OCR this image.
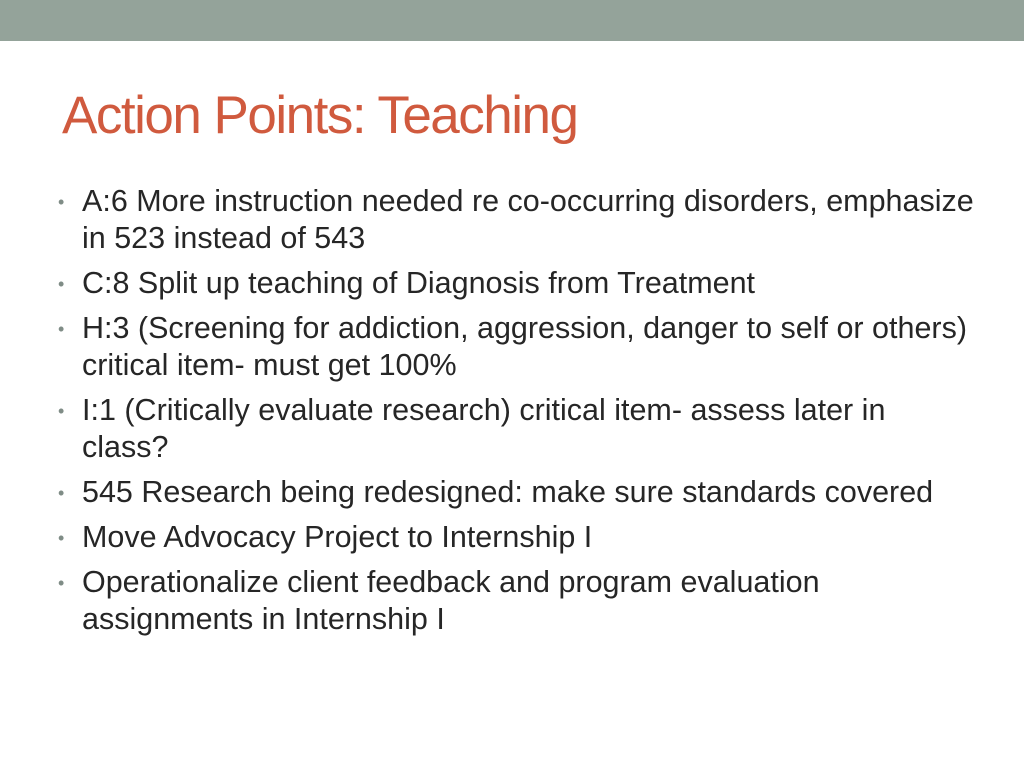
Action Points: Teaching
• A:6 More instruction needed re co-occurring disorders, emphasize in 523 instead of 543
• C:8 Split up teaching of Diagnosis from Treatment
• H:3 (Screening for addiction, aggression, danger to self or others) critical item- must get 100%
• I:1 (Critically evaluate research) critical item- assess later in class?
• 545 Research being redesigned: make sure standards covered
• Move Advocacy Project to Internship I
• Operationalize client feedback and program evaluation assignments in Internship I
